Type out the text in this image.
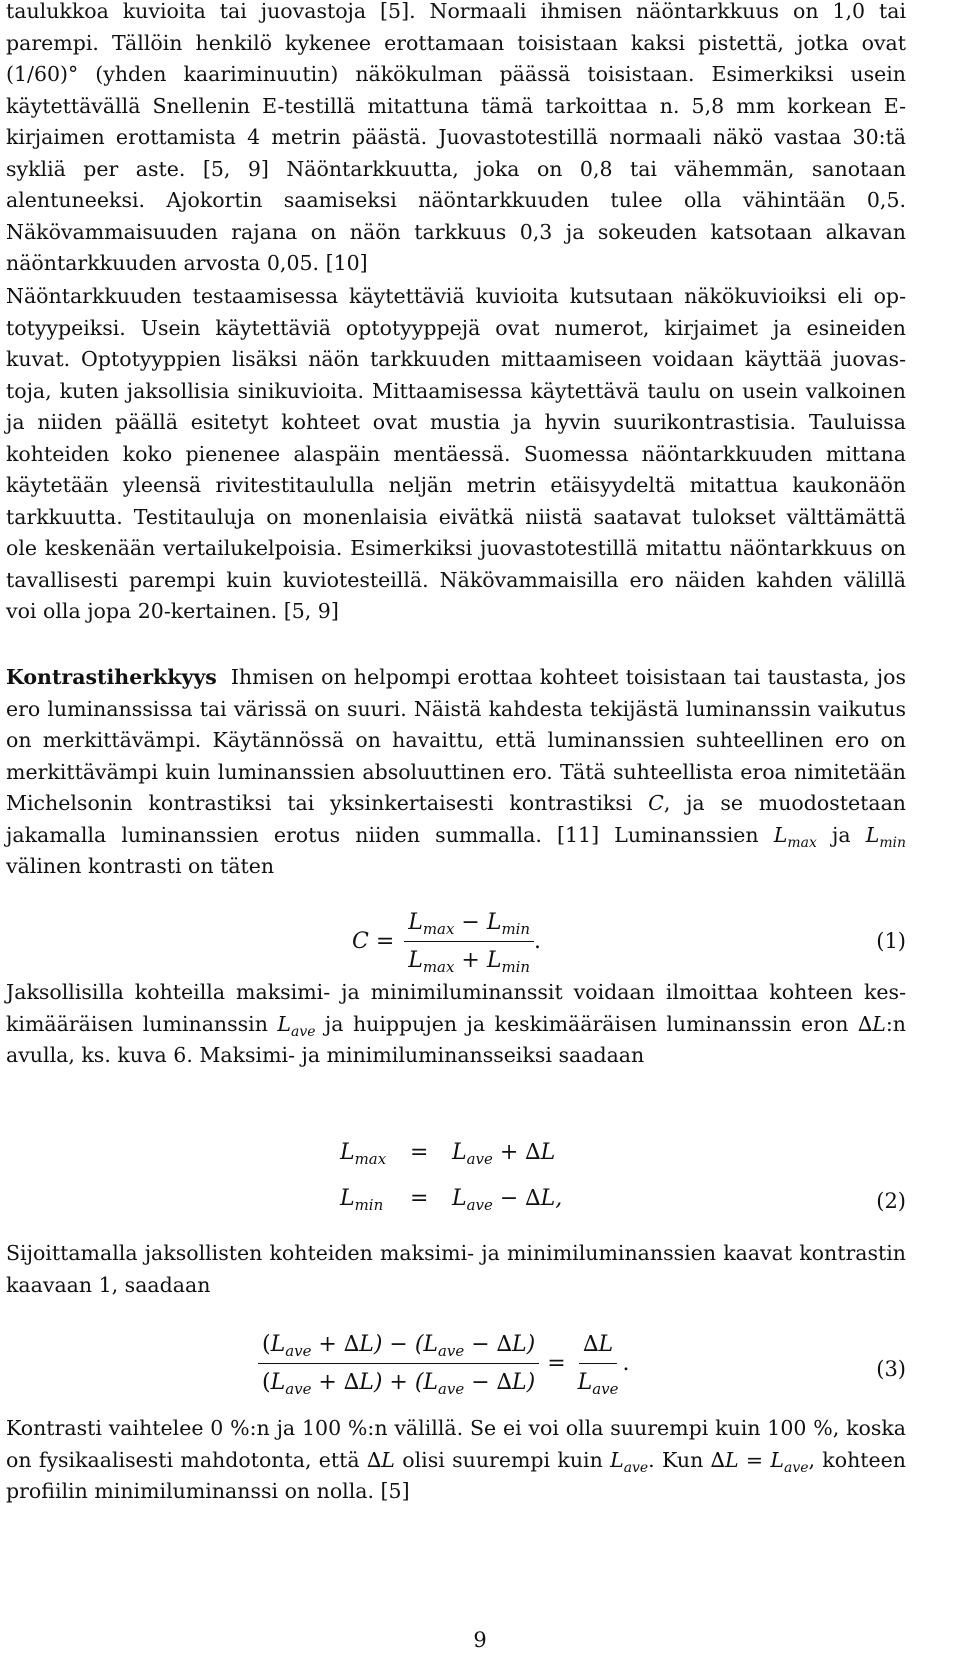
taulukkoa kuvioita tai juovastoja [5]. Normaali ihmisen näöntarkkuus on 1,0 tai parempi. Tällöin henkilö kykenee erottamaan toisistaan kaksi pistettä, jotka ovat (1/60)° (yhden kaariminuutin) näkökulman päässä toisistaan. Esimerkiksi usein käytettävällä Snellenin E-testillä mitattuna tämä tarkoittaa n. 5,8 mm korkean E-kirjaimen erottamista 4 metrin päästä. Juovastotestillä normaali näkö vastaa 30:tä sykliä per aste. [5, 9] Näöntarkkuutta, joka on 0,8 tai vähemmän, sanotaan alentuneeksi. Ajokortin saamiseksi näöntarkkuuden tulee olla vähintään 0,5. Näkövammaisuuden rajana on näön tarkkuus 0,3 ja sokeuden katsotaan alkavan näöntarkkuuden arvosta 0,05. [10]

Näöntarkkuuden testaamisessa käytettäviä kuvioita kutsutaan näkökuvioiksi eli optotyypeiksi. Usein käytettäviä optotyyppejä ovat numerot, kirjaimet ja esineiden kuvat. Optotyyppien lisäksi näön tarkkuuden mittaamiseen voidaan käyttää juovastoja, kuten jaksollisia sinikuvioita. Mittaamisessa käytettävä taulu on usein valkoinen ja niiden päällä esitetyt kohteet ovat mustia ja hyvin suurikontrastisia. Tauluissa kohteiden koko pienenee alaspäin mentäessä. Suomessa näöntarkkuuden mittana käytetään yleensä rivitestitaululla neljän metrin etäisyydeltä mitattua kaukonäön tarkkuutta. Testitauluja on monenlaisia eivätkä niistä saatavat tulokset välttämättä ole keskenään vertailukelpoisia. Esimerkiksi juovastotestillä mitattu näöntarkkuus on tavallisesti parempi kuin kuviotesteillä. Näkövammaisilla ero näiden kahden välillä voi olla jopa 20-kertainen. [5, 9]

Kontrastiherkkyys Ihmisen on helpompi erottaa kohteet toisistaan tai taustasta, jos ero luminanssissa tai värissä on suuri. Näistä kahdesta tekijästä luminanssin vaikutus on merkittävämpi. Käytännössä on havaittu, että luminanssien suhteellinen ero on merkittävämpi kuin luminanssien absoluuttinen ero. Tätä suhteellista eroa nimitetään Michelsonin kontrastiksi tai yksinkertaisesti kontrastiksi C, ja se muodostetaan jakamalla luminanssien erotus niiden summalla. [11] Luminanssien $L_{max}$ ja $L_{min}$ välinen kontrasti on täten

$C = \frac{L_{max} - L_{min}}{L_{max} + L_{min}}$ .	(1)

Jaksollisilla kohteilla maksimi- ja minimiluminanssit voidaan ilmoittaa kohteen keskimääräisen luminanssin $L_{ave}$ ja huippujen ja keskimääräisen luminanssin eron ∆L:n avulla, ks. kuva 6. Maksimi- ja minimiluminansseiksi saadaan

$L_{max} = L_{ave} + \Delta L$
$L_{min} = L_{ave} - \Delta L$,	(2)

Sijoittamalla jaksollisten kohteiden maksimi- ja minimiluminanssien kaavat kontrastin kaavaan 1, saadaan

$\frac{(L_{ave} + \Delta L) - (L_{ave} - \Delta L)}{(L_{ave} + \Delta L) + (L_{ave} - \Delta L)} = \frac{\Delta L}{L_{ave}}$ .	(3)

Kontrasti vaihtelee 0 %:n ja 100 %:n välillä. Se ei voi olla suurempi kuin 100 %, koska on fysikaalisesti mahdotonta, että ∆L olisi suurempi kuin $L_{ave}$. Kun $\Delta L = L_{ave}$, kohteen profiilin minimiluminanssi on nolla. [5]

9
